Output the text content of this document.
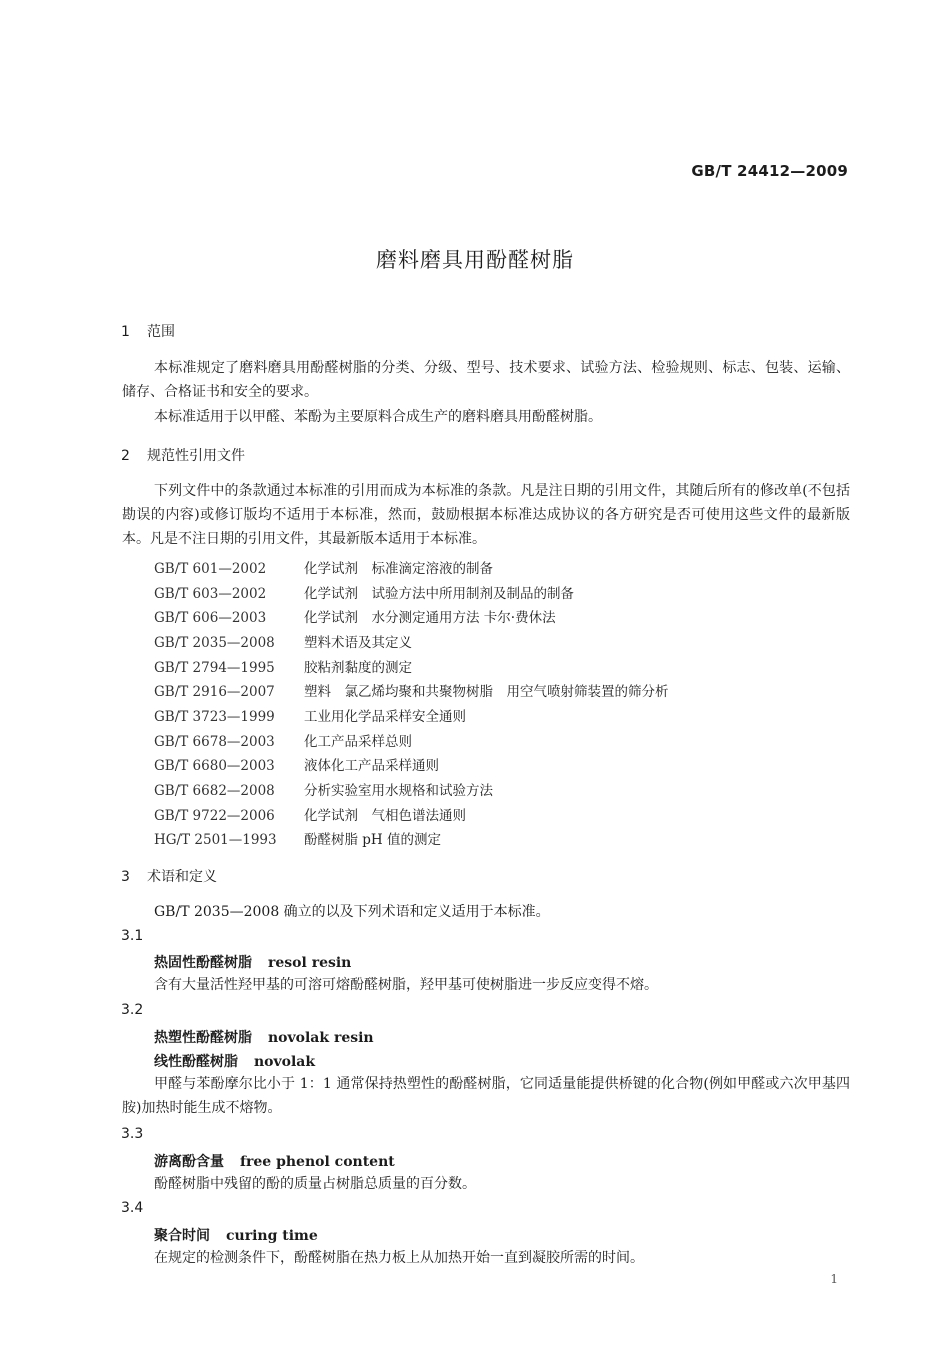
GB/T 24412—2009
磨料磨具用酚醛树脂
1 范围

本标准规定了磨料磨具用酚醛树脂的分类、分级、型号、技术要求、试验方法、检验规则、标志、包装、运输、储存、合格证书和安全的要求。

本标准适用于以甲醛、苯酚为主要原料合成生产的磨料磨具用酚醛树脂。

2 规范性引用文件

下列文件中的条款通过本标准的引用而成为本标准的条款。凡是注日期的引用文件，其随后所有的修改单(不包括勘误的内容)或修订版均不适用于本标准，然而，鼓励根据本标准达成协议的各方研究是否可使用这些文件的最新版本。凡是不注日期的引用文件，其最新版本适用于本标准。

GB/T 601—2002	化学试剂　标准滴定溶液的制备
GB/T 603—2002	化学试剂　试验方法中所用制剂及制品的制备
GB/T 606—2003	化学试剂　水分测定通用方法 卡尔·费休法
GB/T 2035—2008 塑料术语及其定义
GB/T 2794—1995 胶粘剂黏度的测定
GB/T 2916—2007 塑料　氯乙烯均聚和共聚物树脂　用空气喷射筛装置的筛分析
GB/T 3723—1999 工业用化学品采样安全通则
GB/T 6678—2003 化工产品采样总则
GB/T 6680—2003 液体化工产品采样通则
GB/T 6682—2008 分析实验室用水规格和试验方法
GB/T 9722—2006 化学试剂　气相色谱法通则
HG/T 2501—1993 酚醛树脂 pH 值的测定
3 术语和定义

GB/T 2035—2008 确立的以及下列术语和定义适用于本标准。

3.1
热固性酚醛树脂 resol resin

含有大量活性羟甲基的可溶可熔酚醛树脂，羟甲基可使树脂进一步反应变得不熔。

3.2
热塑性酚醛树脂 novolak resin
线性酚醛树脂 novolak

甲醛与苯酚摩尔比小于 1：1 通常保持热塑性的酚醛树脂，它同适量能提供桥键的化合物(例如甲醛或六次甲基四胺)加热时能生成不熔物。

3.3
游离酚含量 free phenol content

酚醛树脂中残留的酚的质量占树脂总质量的百分数。

3.4
聚合时间 curing time

在规定的检测条件下，酚醛树脂在热力板上从加热开始一直到凝胶所需的时间。

1
